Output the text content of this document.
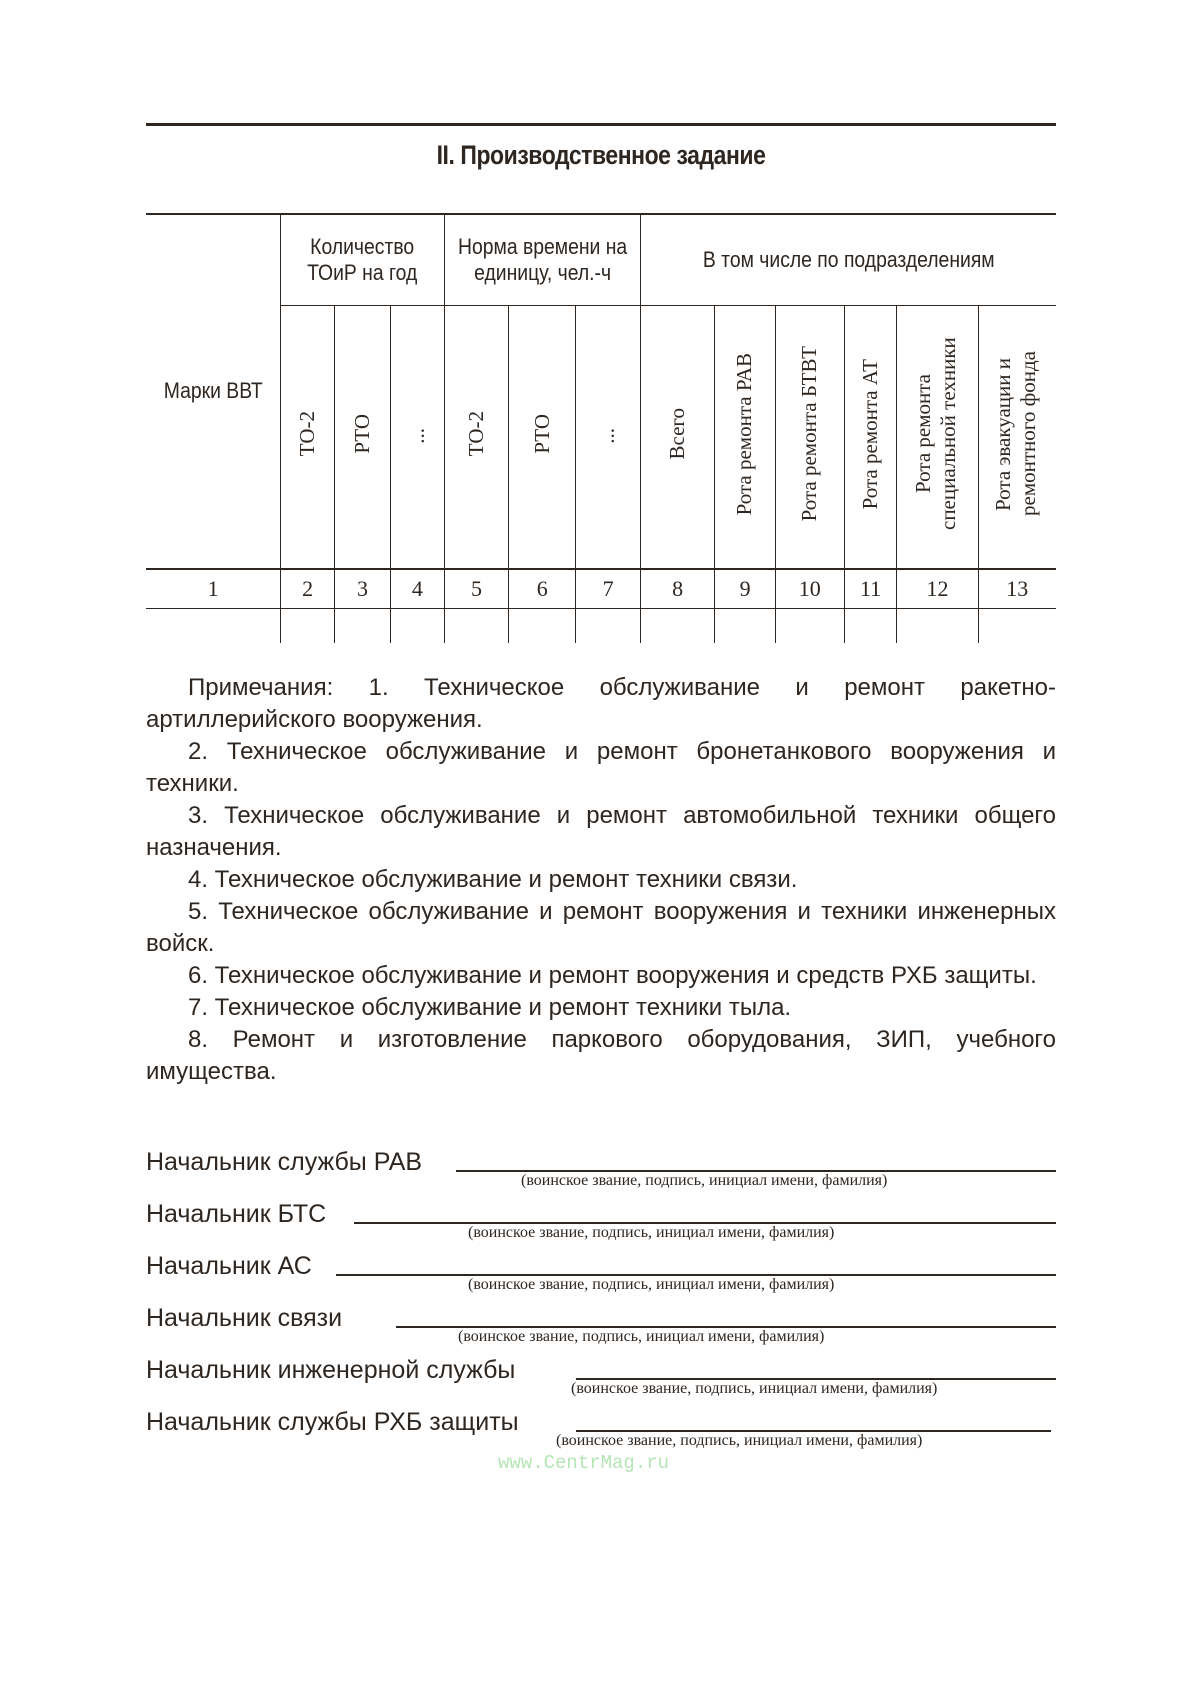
II. Производственное задание
Марки ВВТ	Количество ТОиР на год			Норма времени на единицу, чел.-ч			В том числе по подразделениям					
	ТО-2	РТО	...	ТО-2	РТО	...	Всего	Рота ремонта РАВ	Рота ремонта БТВТ	Рота ремонта АТ	Рота ремонта специальной техники	Рота эвакуации и ремонтного фонда
1	2	3	4	5	6	7	8	9	10	11	12	13

Примечания: 1. Техническое обслуживание и ремонт ракетно-артиллерийского вооружения.

2. Техническое обслуживание и ремонт бронетанкового вооружения и техники.

3. Техническое обслуживание и ремонт автомобильной техники общего назначения.

4. Техническое обслуживание и ремонт техники связи.

5. Техническое обслуживание и ремонт вооружения и техники инженерных войск.

6. Техническое обслуживание и ремонт вооружения и средств РХБ защиты.

7. Техническое обслуживание и ремонт техники тыла.

8. Ремонт и изготовление паркового оборудования, ЗИП, учебного имущества.

Начальник службы РАВ
(воинское звание, подпись, инициал имени, фамилия)
Начальник БТС
(воинское звание, подпись, инициал имени, фамилия)
Начальник АС
(воинское звание, подпись, инициал имени, фамилия)
Начальник связи
(воинское звание, подпись, инициал имени, фамилия)
Начальник инженерной службы
(воинское звание, подпись, инициал имени, фамилия)
Начальник службы РХБ защиты
(воинское звание, подпись, инициал имени, фамилия)
www.CentrMag.ru
